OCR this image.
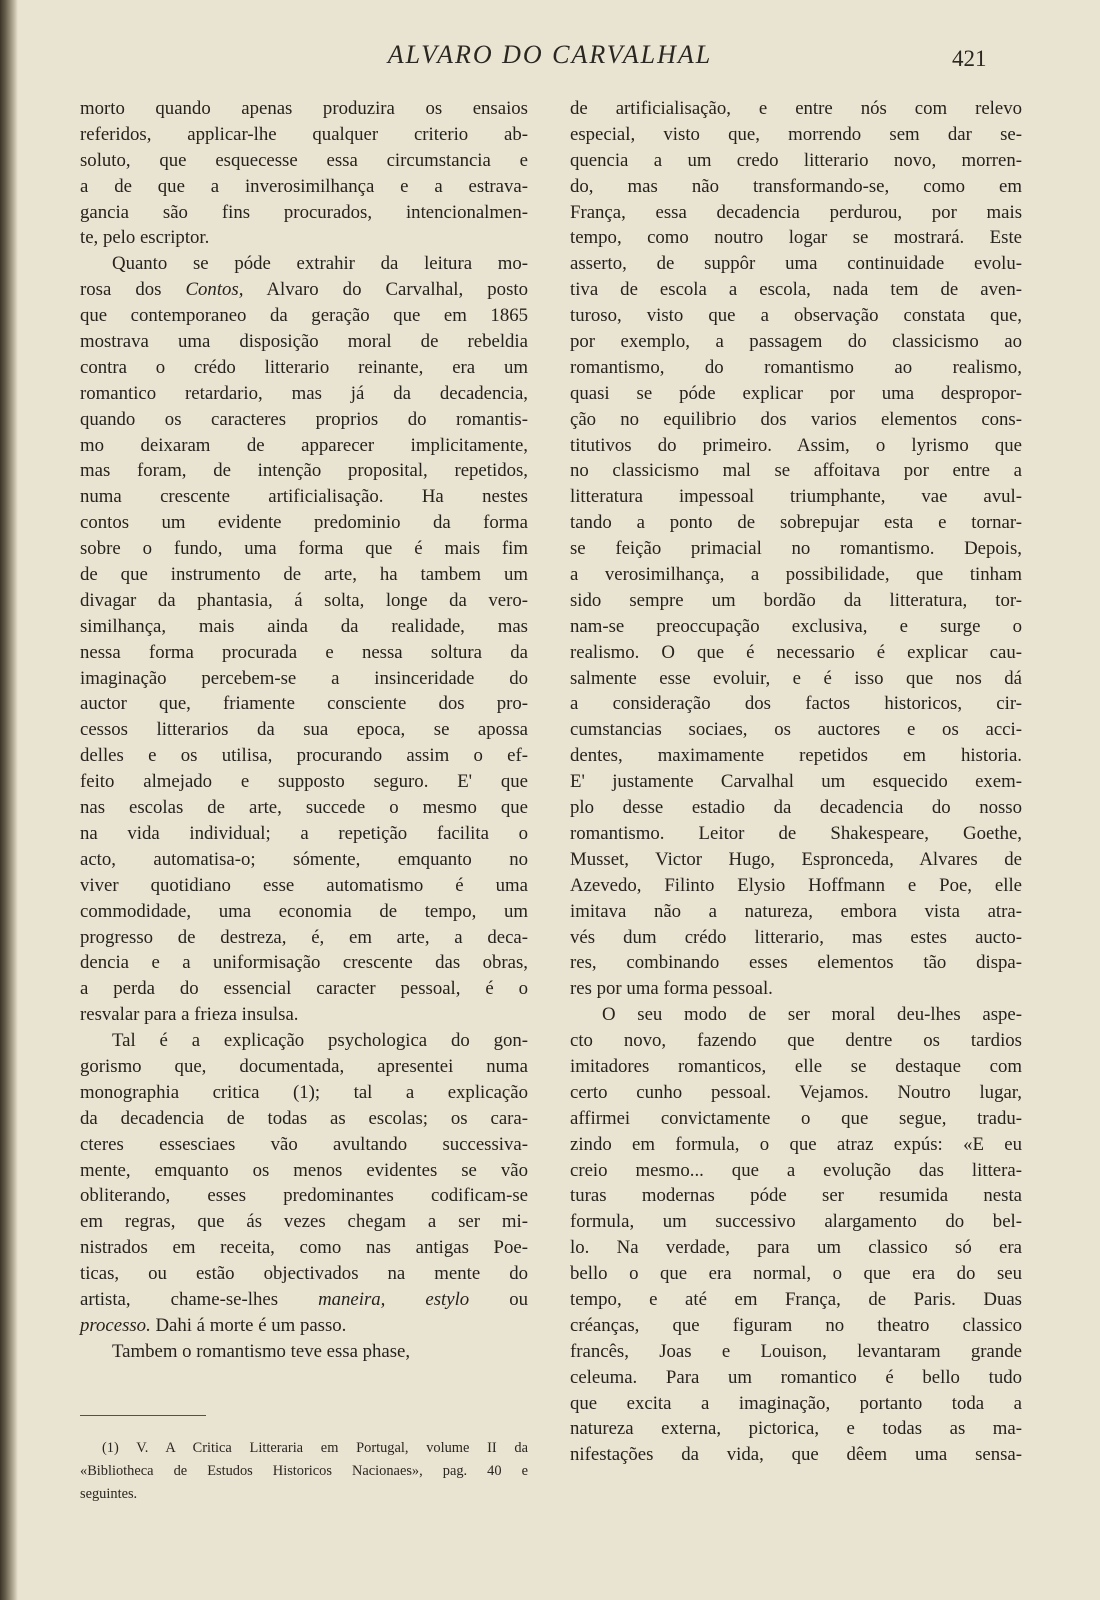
ALVARO DO CARVALHAL	421
morto quando apenas produzira os ensaios
referidos, applicar-lhe qualquer criterio ab-
soluto, que esquecesse essa circumstancia e
a de que a inverosimilhança e a estrava-
gancia são fins procurados, intencionalmen-
te, pelo escriptor.
Quanto se póde extrahir da leitura mo-
rosa dos Contos, Alvaro do Carvalhal, posto
que contemporaneo da geração que em 1865
mostrava uma disposição moral de rebeldia
contra o crédo litterario reinante, era um
romantico retardario, mas já da decadencia,
quando os caracteres proprios do romantis-
mo deixaram de apparecer implicitamente,
mas foram, de intenção proposital, repetidos,
numa crescente artificialisação. Ha nestes
contos um evidente predominio da forma
sobre o fundo, uma forma que é mais fim
de que instrumento de arte, ha tambem um
divagar da phantasia, á solta, longe da vero-
similhança, mais ainda da realidade, mas
nessa forma procurada e nessa soltura da
imaginação percebem-se a insinceridade do
auctor que, friamente consciente dos pro-
cessos litterarios da sua epoca, se apossa
delles e os utilisa, procurando assim o ef-
feito almejado e supposto seguro. E' que
nas escolas de arte, succede o mesmo que
na vida individual; a repetição facilita o
acto, automatisa-o; sómente, emquanto no
viver quotidiano esse automatismo é uma
commodidade, uma economia de tempo, um
progresso de destreza, é, em arte, a deca-
dencia e a uniformisação crescente das obras,
a perda do essencial caracter pessoal, é o
resvalar para a frieza insulsa.
Tal é a explicação psychologica do gon-
gorismo que, documentada, apresentei numa
monographia critica (1); tal a explicação
da decadencia de todas as escolas; os cara-
cteres essesciaes vão avultando successiva-
mente, emquanto os menos evidentes se vão
obliterando, esses predominantes codificam-se
em regras, que ás vezes chegam a ser mi-
nistrados em receita, como nas antigas Poe-
ticas, ou estão objectivados na mente do
artista, chame-se-lhes maneira, estylo ou
processo. Dahi á morte é um passo.
Tambem o romantismo teve essa phase,
de artificialisação, e entre nós com relevo
especial, visto que, morrendo sem dar se-
quencia a um credo litterario novo, morren-
do, mas não transformando-se, como em
França, essa decadencia perdurou, por mais
tempo, como noutro logar se mostrará. Este
asserto, de suppôr uma continuidade evolu-
tiva de escola a escola, nada tem de aven-
turoso, visto que a observação constata que,
por exemplo, a passagem do classicismo ao
romantismo, do romantismo ao realismo,
quasi se póde explicar por uma despropor-
ção no equilibrio dos varios elementos cons-
titutivos do primeiro. Assim, o lyrismo que
no classicismo mal se affoitava por entre a
litteratura impessoal triumphante, vae avul-
tando a ponto de sobrepujar esta e tornar-
se feição primacial no romantismo. Depois,
a verosimilhança, a possibilidade, que tinham
sido sempre um bordão da litteratura, tor-
nam-se preoccupação exclusiva, e surge o
realismo. O que é necessario é explicar cau-
salmente esse evoluir, e é isso que nos dá
a consideração dos factos historicos, cir-
cumstancias sociaes, os auctores e os acci-
dentes, maximamente repetidos em historia.
E' justamente Carvalhal um esquecido exem-
plo desse estadio da decadencia do nosso
romantismo. Leitor de Shakespeare, Goethe,
Musset, Victor Hugo, Espronceda, Alvares de
Azevedo, Filinto Elysio Hoffmann e Poe, elle
imitava não a natureza, embora vista atra-
vés dum crédo litterario, mas estes aucto-
res, combinando esses elementos tão dispa-
res por uma forma pessoal.
O seu modo de ser moral deu-lhes aspe-
cto novo, fazendo que dentre os tardios
imitadores romanticos, elle se destaque com
certo cunho pessoal. Vejamos. Noutro lugar,
affirmei convictamente o que segue, tradu-
zindo em formula, o que atraz expús: «E eu
creio mesmo... que a evolução das littera-
turas modernas póde ser resumida nesta
formula, um successivo alargamento do bel-
lo. Na verdade, para um classico só era
bello o que era normal, o que era do seu
tempo, e até em França, de Paris. Duas
créanças, que figuram no theatro classico
francês, Joas e Louison, levantaram grande
celeuma. Para um romantico é bello tudo
que excita a imaginação, portanto toda a
natureza externa, pictorica, e todas as ma-
nifestações da vida, que dêem uma sensa-
(1) V. A Critica Litteraria em Portugal, volume II da
«Bibliotheca de Estudos Historicos Nacionaes», pag. 40 e
seguintes.
